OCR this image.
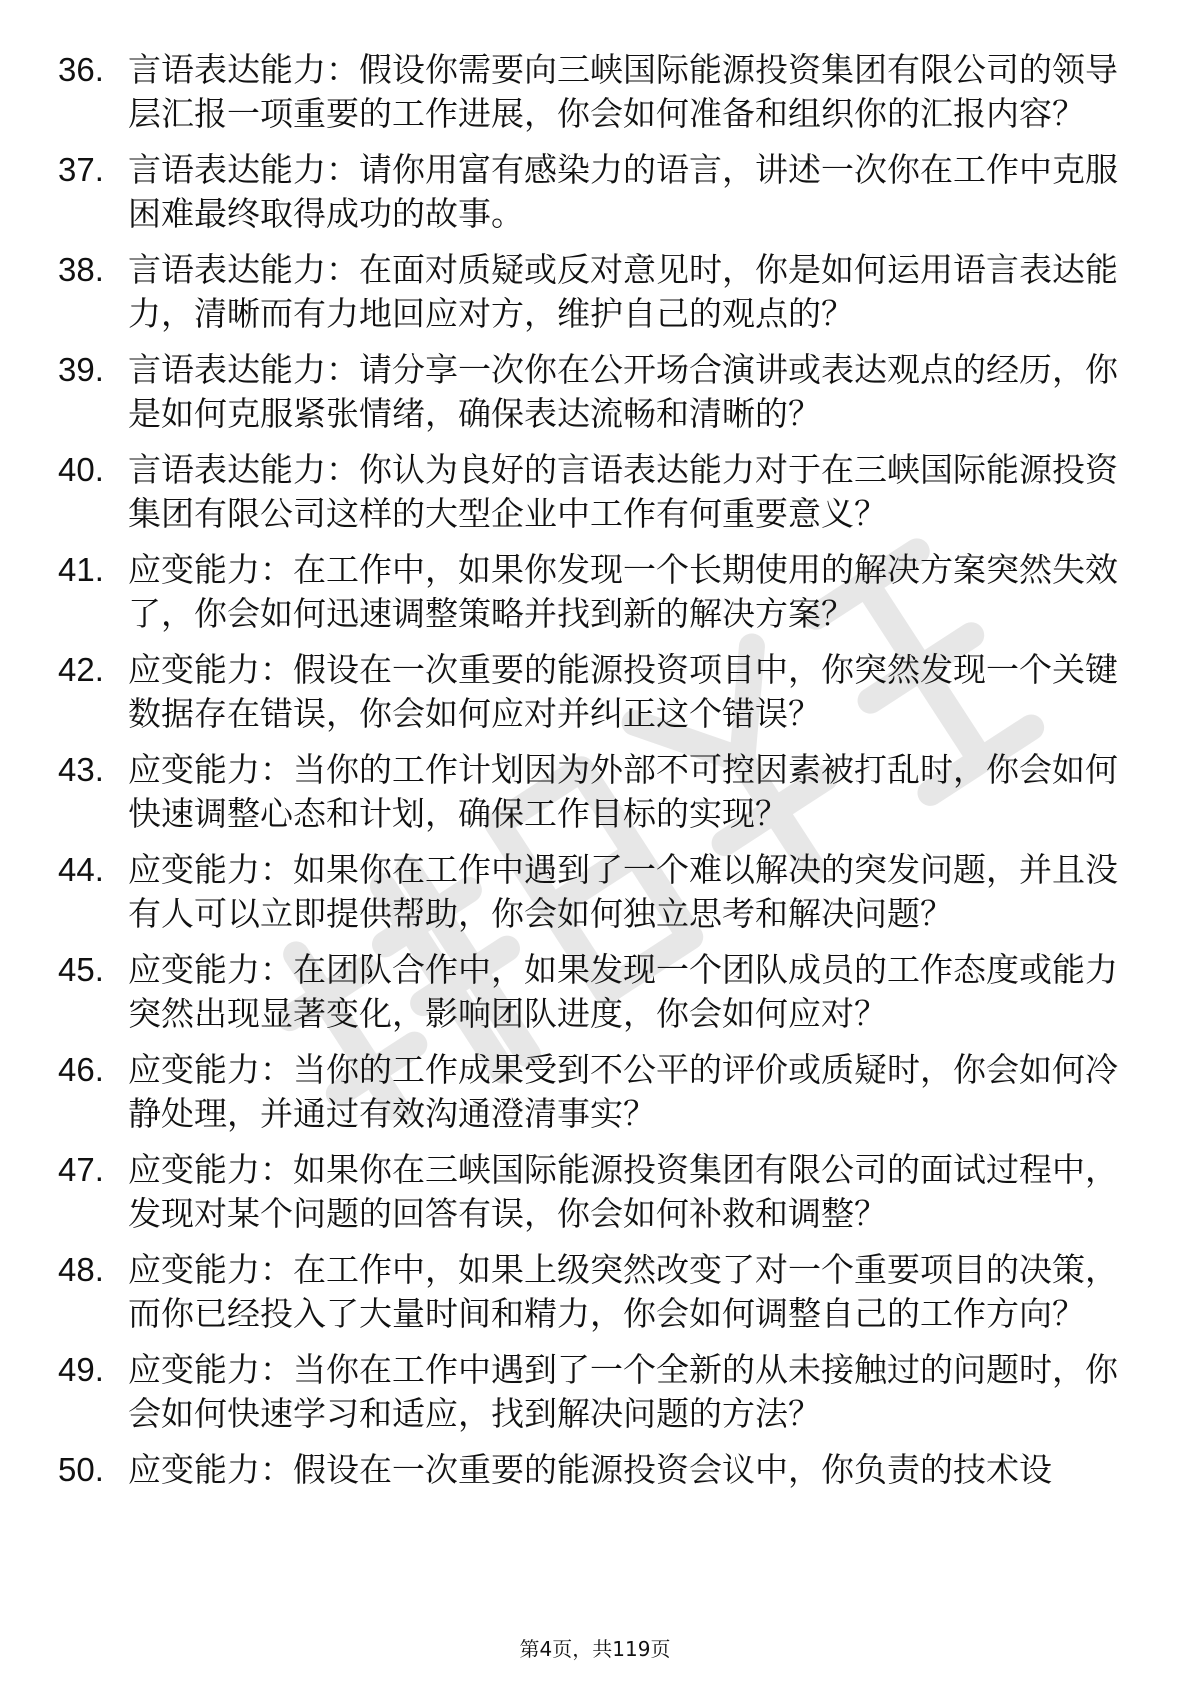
36. 言语表达能力：假设你需要向三峡国际能源投资集团有限公司的领导层汇报一项重要的工作进展，你会如何准备和组织你的汇报内容？
37. 言语表达能力：请你用富有感染力的语言，讲述一次你在工作中克服困难最终取得成功的故事。
38. 言语表达能力：在面对质疑或反对意见时，你是如何运用语言表达能力，清晰而有力地回应对方，维护自己的观点的？
39. 言语表达能力：请分享一次你在公开场合演讲或表达观点的经历，你是如何克服紧张情绪，确保表达流畅和清晰的？
40. 言语表达能力：你认为良好的言语表达能力对于在三峡国际能源投资集团有限公司这样的大型企业中工作有何重要意义？
41. 应变能力：在工作中，如果你发现一个长期使用的解决方案突然失效了，你会如何迅速调整策略并找到新的解决方案？
42. 应变能力：假设在一次重要的能源投资项目中，你突然发现一个关键数据存在错误，你会如何应对并纠正这个错误？
43. 应变能力：当你的工作计划因为外部不可控因素被打乱时，你会如何快速调整心态和计划，确保工作目标的实现？
44. 应变能力：如果你在工作中遇到了一个难以解决的突发问题，并且没有人可以立即提供帮助，你会如何独立思考和解决问题？
45. 应变能力：在团队合作中，如果发现一个团队成员的工作态度或能力突然出现显著变化，影响团队进度，你会如何应对？
46. 应变能力：当你的工作成果受到不公平的评价或质疑时，你会如何冷静处理，并通过有效沟通澄清事实？
47. 应变能力：如果你在三峡国际能源投资集团有限公司的面试过程中，发现对某个问题的回答有误，你会如何补救和调整？
48. 应变能力：在工作中，如果上级突然改变了对一个重要项目的决策，而你已经投入了大量时间和精力，你会如何调整自己的工作方向？
49. 应变能力：当你在工作中遇到了一个全新的从未接触过的问题时，你会如何快速学习和适应，找到解决问题的方法？
50. 应变能力：假设在一次重要的能源投资会议中，你负责的技术设
第4页，共119页
